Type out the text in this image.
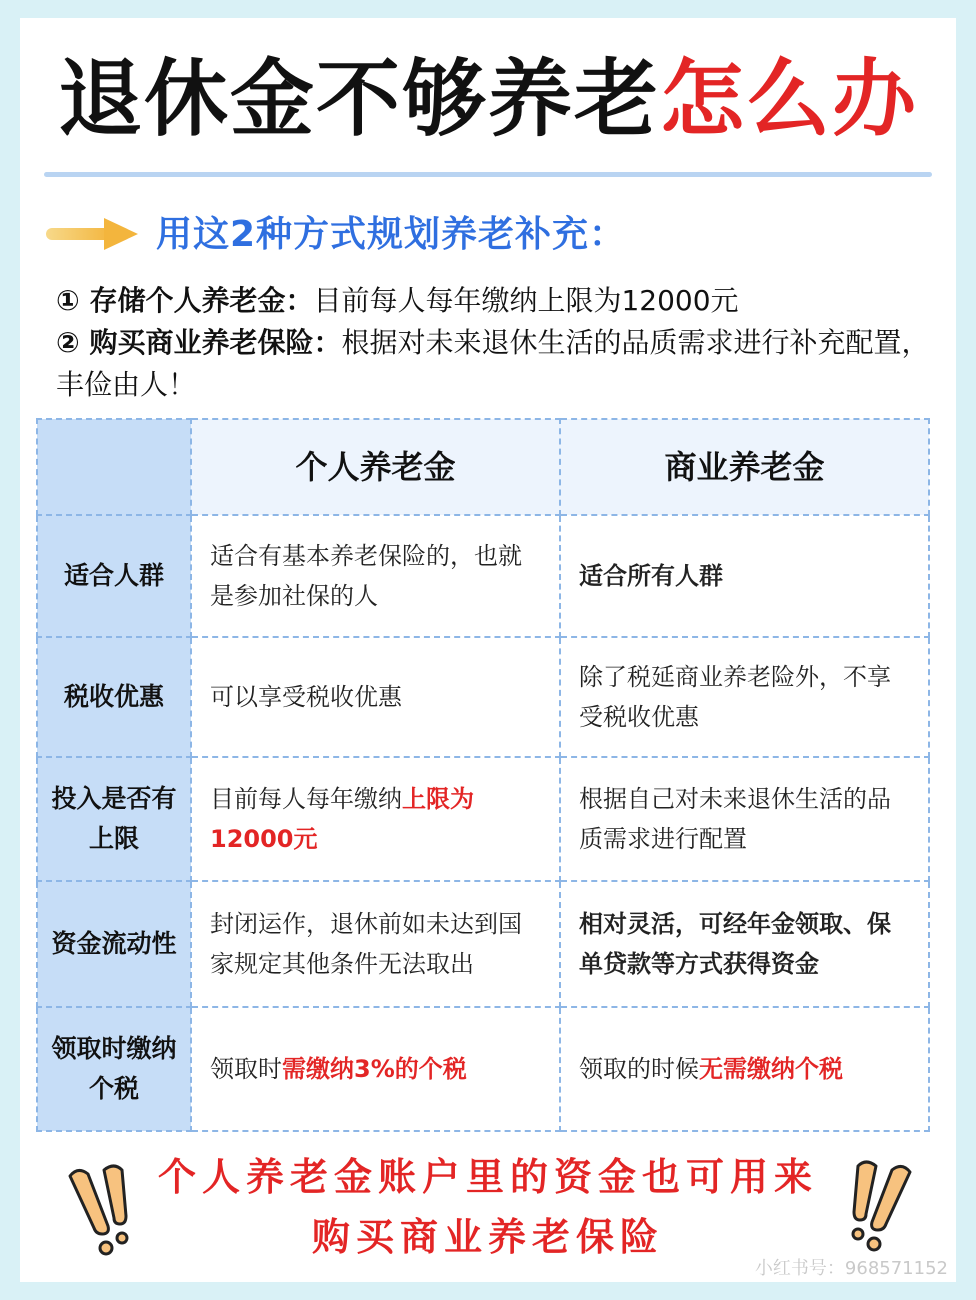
退休金不够养老怎么办
用这2种方式规划养老补充：
① 存储个人养老金：目前每人每年缴纳上限为12000元
② 购买商业养老保险：根据对未来退休生活的品质需求进行补充配置，丰俭由人！
	个人养老金	商业养老金
适合人群	适合有基本养老保险的，也就是参加社保的人	适合所有人群
税收优惠	可以享受税收优惠	除了税延商业养老险外，不享受税收优惠
投入是否有上限	目前每人每年缴纳上限为12000元	根据自己对未来退休生活的品质需求进行配置
资金流动性	封闭运作，退休前如未达到国家规定其他条件无法取出	相对灵活，可经年金领取、保单贷款等方式获得资金
领取时缴纳个税	领取时需缴纳3%的个税	领取的时候无需缴纳个税
个人养老金账户里的资金也可用来
购买商业养老保险
小红书号：968571152
